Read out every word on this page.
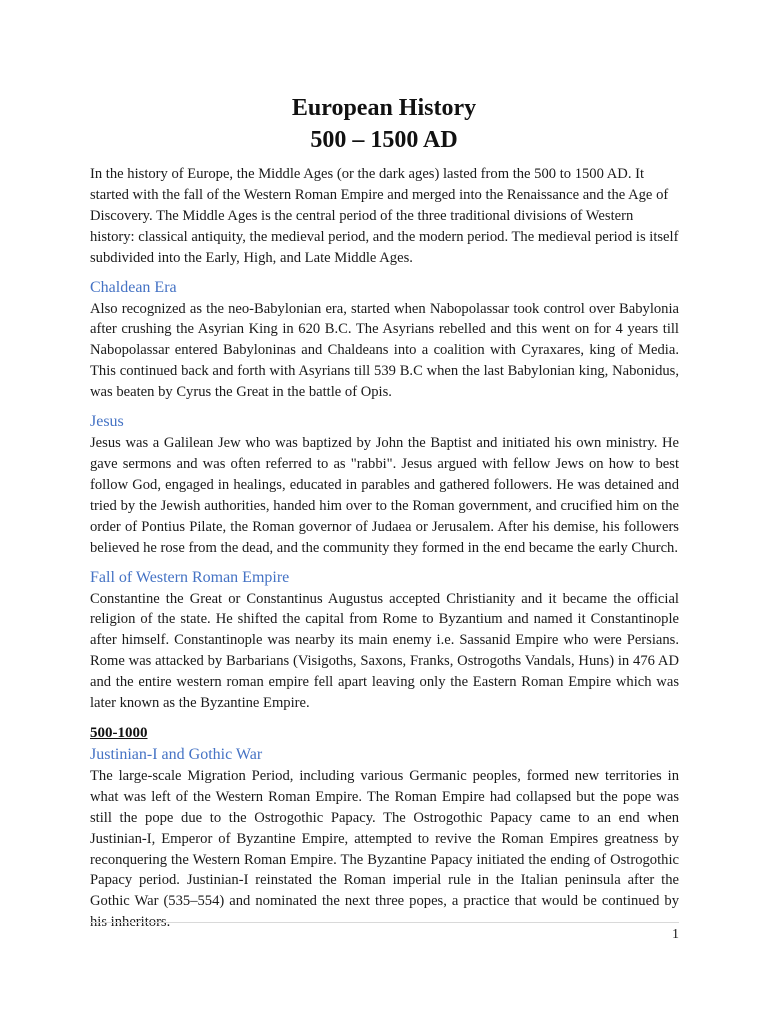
European History
500 – 1500 AD

In the history of Europe, the Middle Ages (or the dark ages) lasted from the 500 to 1500 AD. It started with the fall of the Western Roman Empire and merged into the Renaissance and the Age of Discovery. The Middle Ages is the central period of the three traditional divisions of Western history: classical antiquity, the medieval period, and the modern period. The medieval period is itself subdivided into the Early, High, and Late Middle Ages.

Chaldean Era

Also recognized as the neo-Babylonian era, started when Nabopolassar took control over Babylonia after crushing the Asyrian King in 620 B.C. The Asyrians rebelled and this went on for 4 years till Nabopolassar entered Babyloninas and Chaldeans into a coalition with Cyraxares, king of Media. This continued back and forth with Asyrians till 539 B.C when the last Babylonian king, Nabonidus, was beaten by Cyrus the Great in the battle of Opis.

Jesus

Jesus was a Galilean Jew who was baptized by John the Baptist and initiated his own ministry. He gave sermons and was often referred to as "rabbi". Jesus argued with fellow Jews on how to best follow God, engaged in healings, educated in parables and gathered followers. He was detained and tried by the Jewish authorities, handed him over to the Roman government, and crucified him on the order of Pontius Pilate, the Roman governor of Judaea or Jerusalem. After his demise, his followers believed he rose from the dead, and the community they formed in the end became the early Church.

Fall of Western Roman Empire

Constantine the Great or Constantinus Augustus accepted Christianity and it became the official religion of the state. He shifted the capital from Rome to Byzantium and named it Constantinople after himself. Constantinople was nearby its main enemy i.e. Sassanid Empire who were Persians. Rome was attacked by Barbarians (Visigoths, Saxons, Franks, Ostrogoths Vandals, Huns) in 476 AD and the entire western roman empire fell apart leaving only the Eastern Roman Empire which was later known as the Byzantine Empire.

500-1000
Justinian-I and Gothic War

The large-scale Migration Period, including various Germanic peoples, formed new territories in what was left of the Western Roman Empire. The Roman Empire had collapsed but the pope was still the pope due to the Ostrogothic Papacy. The Ostrogothic Papacy came to an end when Justinian-I, Emperor of Byzantine Empire, attempted to revive the Roman Empires greatness by reconquering the Western Roman Empire. The Byzantine Papacy initiated the ending of Ostrogothic Papacy period. Justinian-I reinstated the Roman imperial rule in the Italian peninsula after the Gothic War (535–554) and nominated the next three popes, a practice that would be continued by his inheritors.

1
